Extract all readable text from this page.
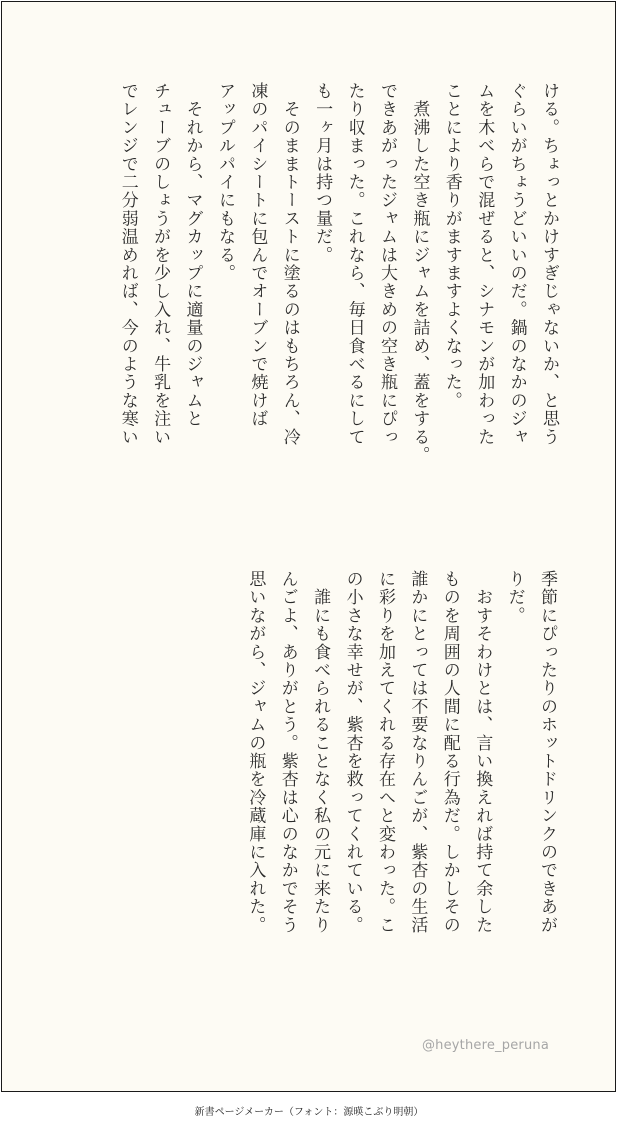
ける。ちょっとかけすぎじゃないか、と思う

ぐらいがちょうどいいのだ。鍋のなかのジャ

ムを木べらで混ぜると、シナモンが加わった

ことにより香りがますますよくなった。

　煮沸した空き瓶にジャムを詰め、蓋をする。

できあがったジャムは大きめの空き瓶にぴっ

たり収まった。これなら、毎日食べるにして

も一ヶ月は持つ量だ。

　そのままトーストに塗るのはもちろん、冷

凍のパイシートに包んでオーブンで焼けば

アップルパイにもなる。

　それから、マグカップに適量のジャムと

チューブのしょうがを少し入れ、牛乳を注い

でレンジで二分弱温めれば、今のような寒い

季節にぴったりのホットドリンクのできあが

りだ。

　おすそわけとは、言い換えれば持て余した

ものを周囲の人間に配る行為だ。しかしその

誰かにとっては不要なりんごが、紫杏の生活

に彩りを加えてくれる存在へと変わった。こ

の小さな幸せが、紫杏を救ってくれている。

　誰にも食べられることなく私の元に来たり

んごよ、ありがとう。紫杏は心のなかでそう

思いながら、ジャムの瓶を冷蔵庫に入れた。

@heythere_peruna
新書ページメーカー（フォント：源暎こぶり明朝）
